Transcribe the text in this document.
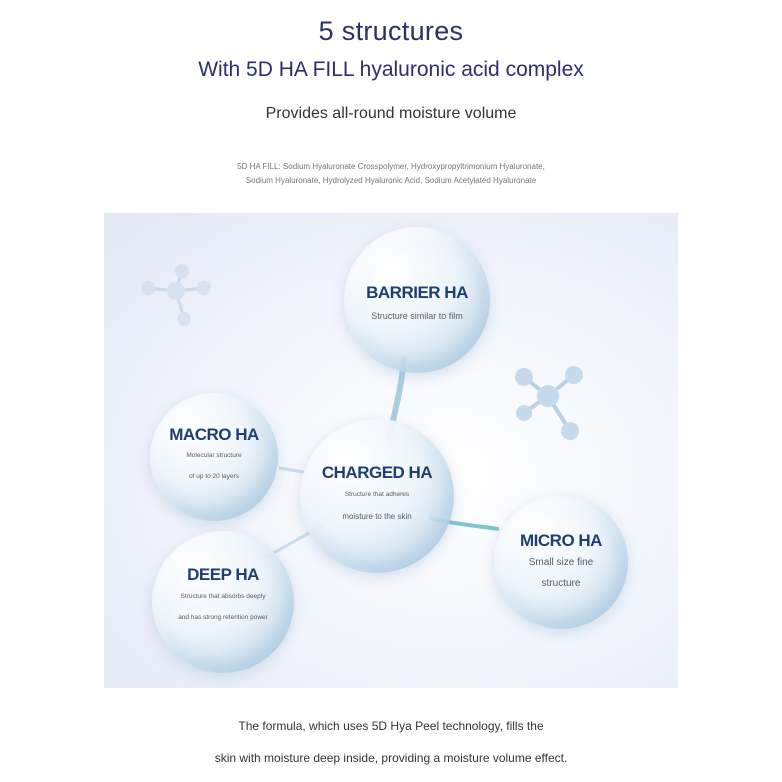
5 structures
With 5D HA FILL hyaluronic acid complex
Provides all-round moisture volume
5D HA FILL: Sodium Hyaluronate Crosspolymer, Hydroxypropyltrimonium Hyaluronate,
Sodium Hyaluronate, Hydrolyzed Hyaluronic Acid, Sodium Acetylated Hyaluronate
BARRIER HA
Structure similar to film
MACRO HA
Molecular structure
of up to 20 layers	CHARGED HA
Structure that adheres
moisture to the skin
MICRO HA
Small size fine
structure
DEEP HA
Structure that absorbs deeply
and has strong retention power
The formula, which uses 5D Hya Peel technology, fills the
skin with moisture deep inside, providing a moisture volume effect.
